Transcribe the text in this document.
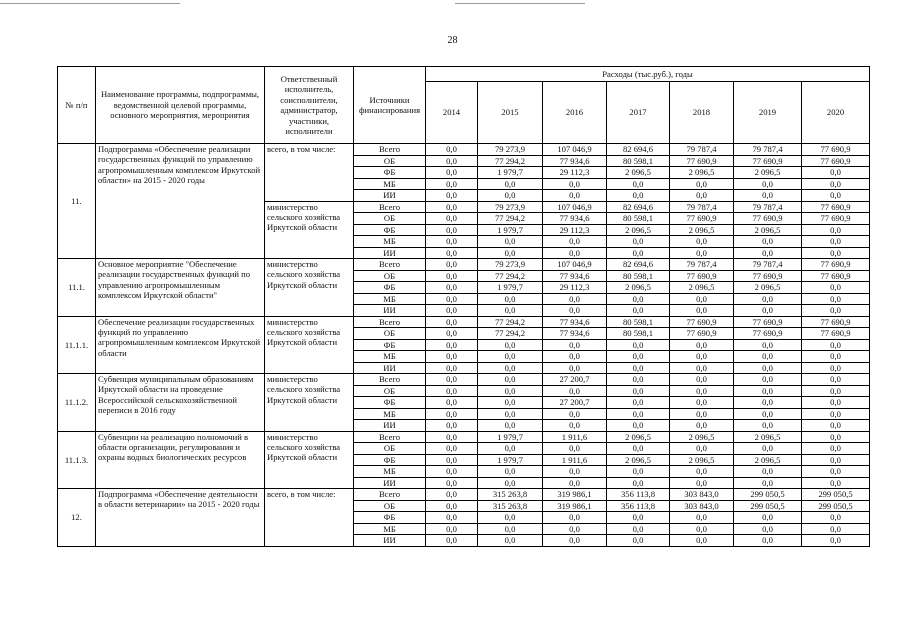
28
№ п/п	Наименование программы, подпрограммы, ведомственной целевой программы, основного мероприятия, мероприятия	Ответственный исполнитель, соисполнители, администратор, участники, исполнители	Источники финансирования	Расходы (тыс.руб.), годы						
				2014	2015	2016	2017	2018	2019	2020
11.	Подпрограмма «Обеспечение реализации государственных функций по управлению агропромышленным комплексом Иркутской области» на 2015 - 2020 годы	всего, в том числе:	Всего	0,0	79 273,9	107 046,9	82 694,6	79 787,4	79 787,4	77 690,9
			ОБ	0,0	77 294,2	77 934,6	80 598,1	77 690,9	77 690,9	77 690,9
			ФБ	0,0	1 979,7	29 112,3	2 096,5	2 096,5	2 096,5	0,0
			МБ	0,0	0,0	0,0	0,0	0,0	0,0	0,0
			ИИ	0,0	0,0	0,0	0,0	0,0	0,0	0,0
		министерство сельского хозяйства Иркутской области	Всего	0,0	79 273,9	107 046,9	82 694,6	79 787,4	79 787,4	77 690,9
			ОБ	0,0	77 294,2	77 934,6	80 598,1	77 690,9	77 690,9	77 690,9
			ФБ	0,0	1 979,7	29 112,3	2 096,5	2 096,5	2 096,5	0,0
			МБ	0,0	0,0	0,0	0,0	0,0	0,0	0,0
			ИИ	0,0	0,0	0,0	0,0	0,0	0,0	0,0
11.1.	Основное мероприятие "Обеспечение реализации государственных функций по управлению агропромышленным комплексом Иркутской области"	министерство сельского хозяйства Иркутской области	Всего	0,0	79 273,9	107 046,9	82 694,6	79 787,4	79 787,4	77 690,9
			ОБ	0,0	77 294,2	77 934,6	80 598,1	77 690,9	77 690,9	77 690,9
			ФБ	0,0	1 979,7	29 112,3	2 096,5	2 096,5	2 096,5	0,0
			МБ	0,0	0,0	0,0	0,0	0,0	0,0	0,0
			ИИ	0,0	0,0	0,0	0,0	0,0	0,0	0,0
11.1.1.	Обеспечение реализации государственных функций по управлению агропромышленным комплексом Иркутской области	министерство сельского хозяйства Иркутской области	Всего	0,0	77 294,2	77 934,6	80 598,1	77 690,9	77 690,9	77 690,9
			ОБ	0,0	77 294,2	77 934,6	80 598,1	77 690,9	77 690,9	77 690,9
			ФБ	0,0	0,0	0,0	0,0	0,0	0,0	0,0
			МБ	0,0	0,0	0,0	0,0	0,0	0,0	0,0
			ИИ	0,0	0,0	0,0	0,0	0,0	0,0	0,0
11.1.2.	Субвенция муниципальным образованиям Иркутской области на проведение Всероссийской сельскохозяйственной переписи в 2016 году	министерство сельского хозяйства Иркутской области	Всего	0,0	0,0	27 200,7	0,0	0,0	0,0	0,0
			ОБ	0,0	0,0	0,0	0,0	0,0	0,0	0,0
			ФБ	0,0	0,0	27 200,7	0,0	0,0	0,0	0,0
			МБ	0,0	0,0	0,0	0,0	0,0	0,0	0,0
			ИИ	0,0	0,0	0,0	0,0	0,0	0,0	0,0
11.1.3.	Субвенции на реализацию полномочий в области организации, регулирования и охраны водных биологических ресурсов	министерство сельского хозяйства Иркутской области	Всего	0,0	1 979,7	1 911,6	2 096,5	2 096,5	2 096,5	0,0
			ОБ	0,0	0,0	0,0	0,0	0,0	0,0	0,0
			ФБ	0,0	1 979,7	1 911,6	2 096,5	2 096,5	2 096,5	0,0
			МБ	0,0	0,0	0,0	0,0	0,0	0,0	0,0
			ИИ	0,0	0,0	0,0	0,0	0,0	0,0	0,0
12.	Подпрограмма «Обеспечение деятельности в области ветеринарии» на 2015 - 2020 годы	всего, в том числе:	Всего	0,0	315 263,8	319 986,1	356 113,8	303 843,0	299 050,5	299 050,5
			ОБ	0,0	315 263,8	319 986,1	356 113,8	303 843,0	299 050,5	299 050,5
			ФБ	0,0	0,0	0,0	0,0	0,0	0,0	0,0
			МБ	0,0	0,0	0,0	0,0	0,0	0,0	0,0
			ИИ	0,0	0,0	0,0	0,0	0,0	0,0	0,0
